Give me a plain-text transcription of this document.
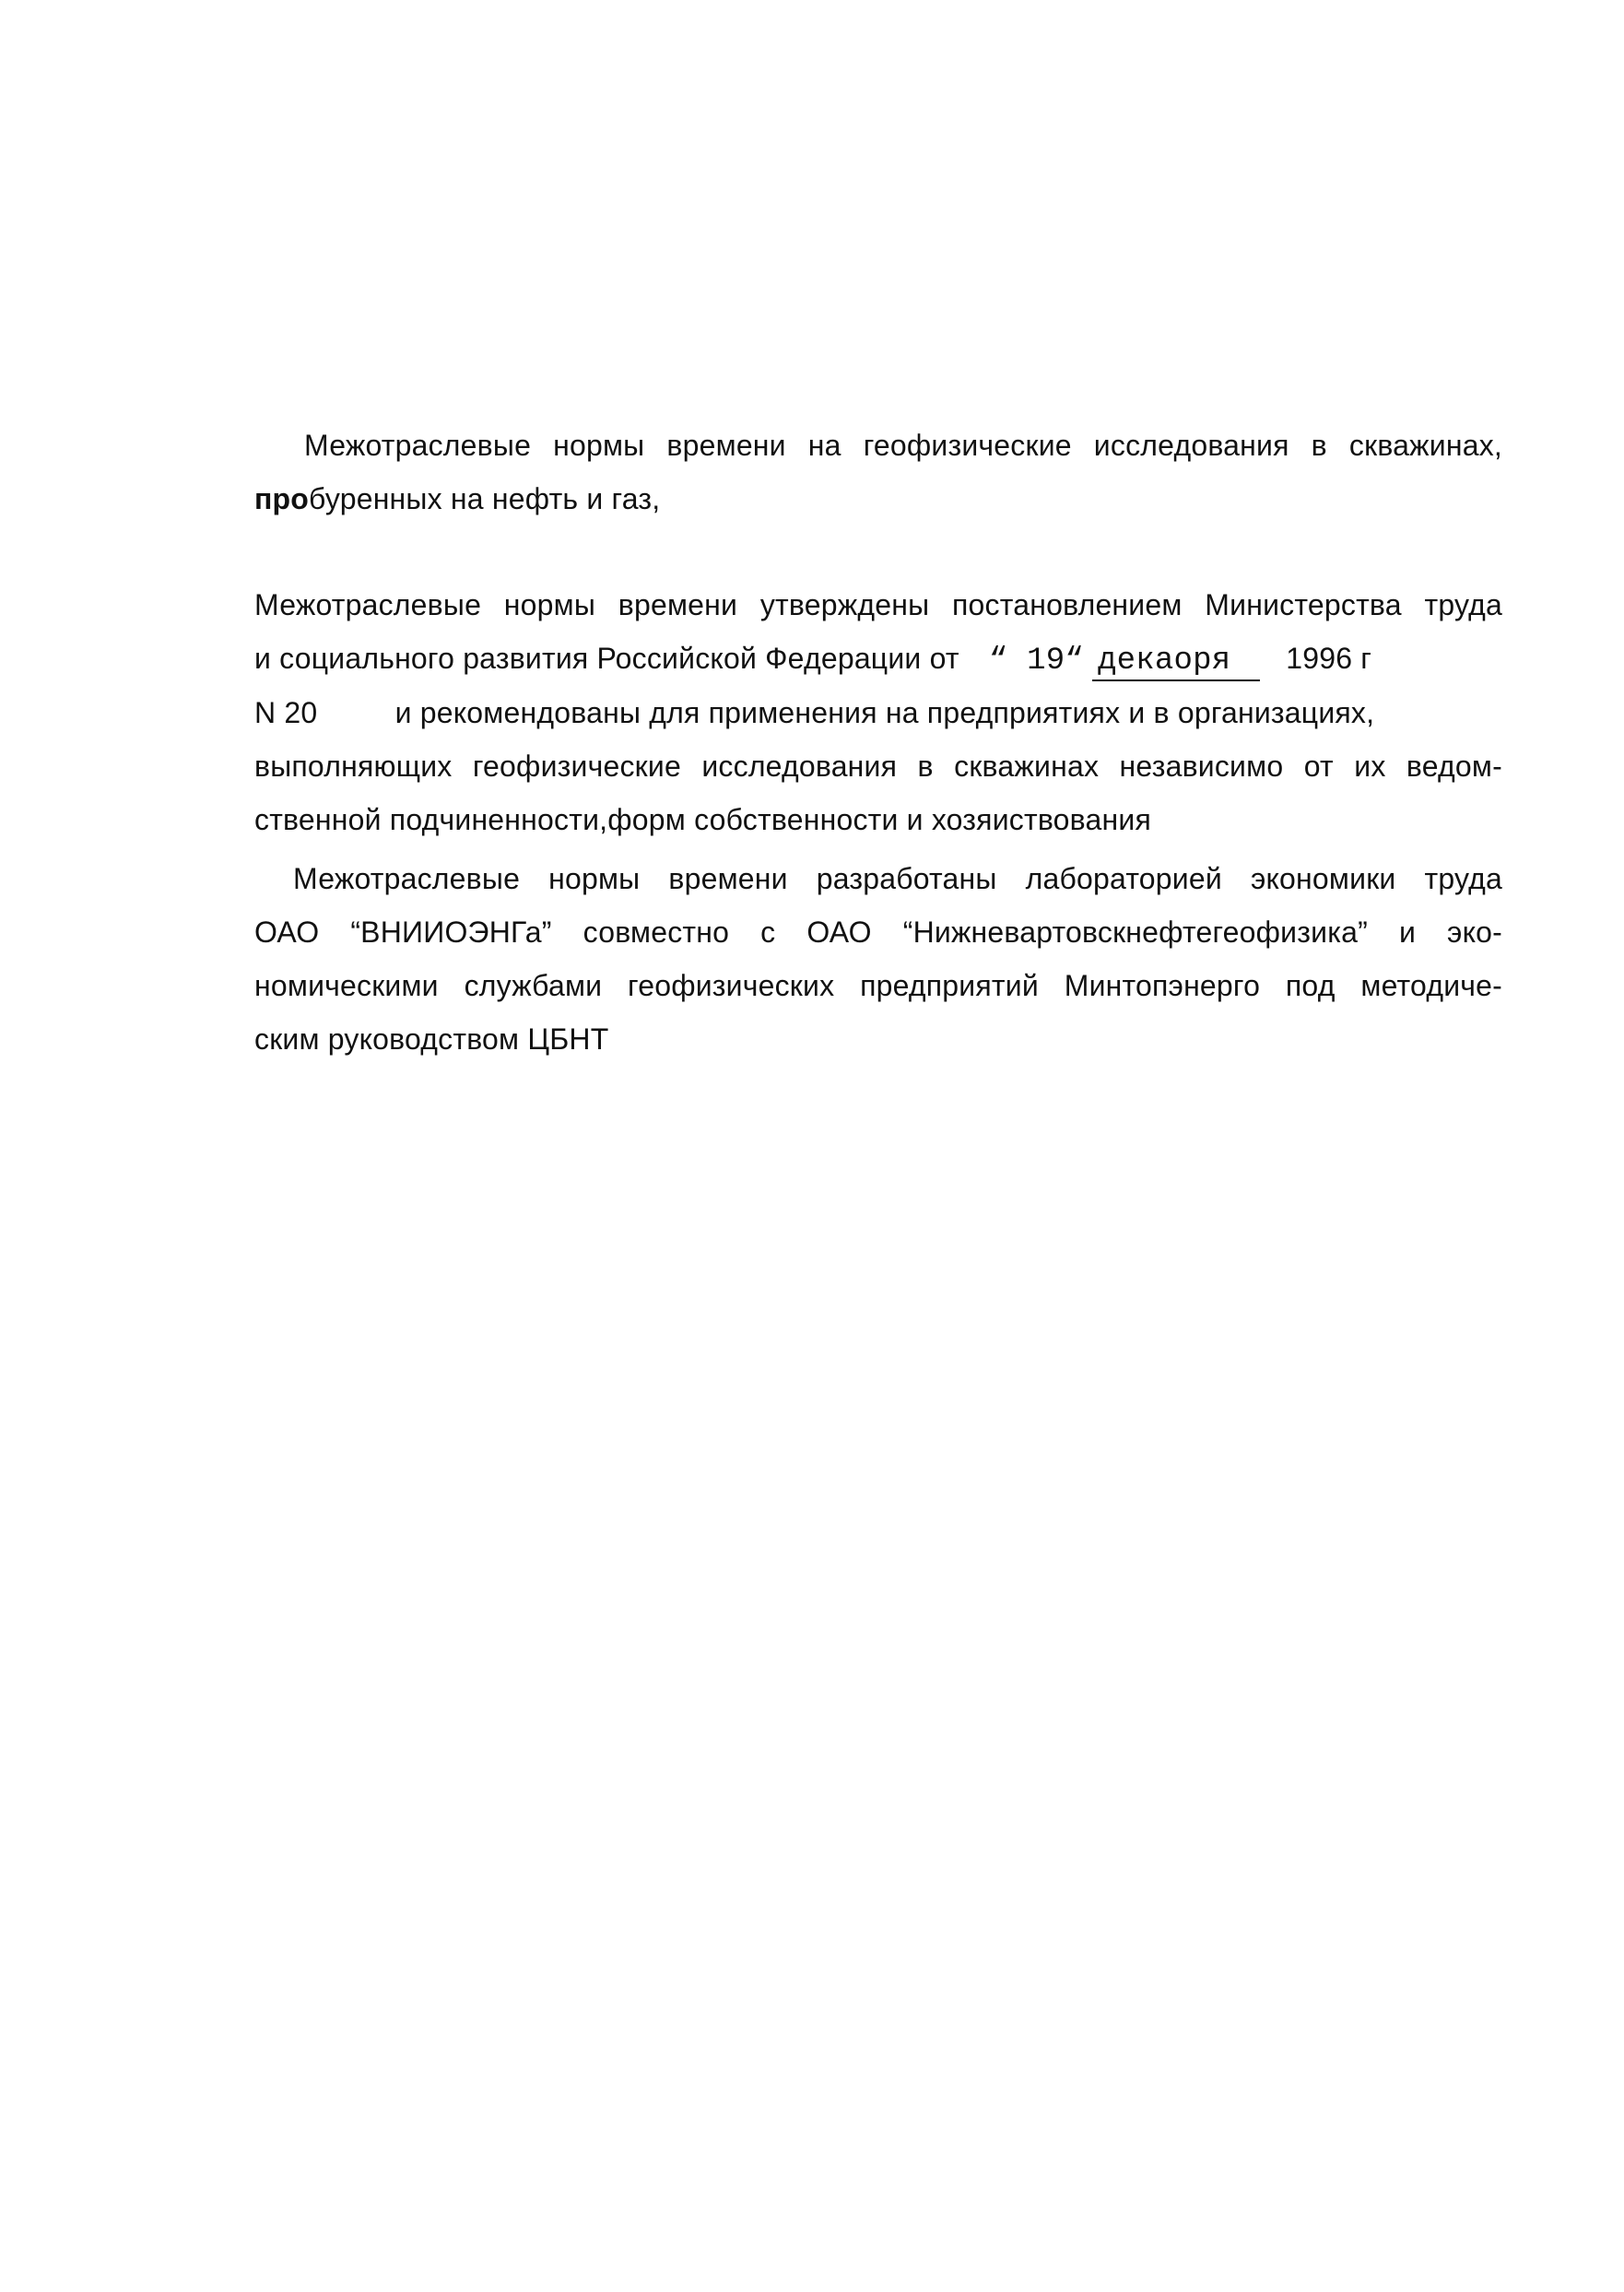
Межотраслевые нормы времени на геофизические исследования в скважинах,
пробуренных на нефть и газ,
Межотраслевые нормы времени утверждены постановлением Министерства труда
и социального развития Российской Федерации от “ 19“ декаоря 1996 г
N 20	и рекомендованы для применения на предприятиях и в организациях,
выполняющих геофизические исследования в скважинах независимо от их ведом-
ственной подчиненности,форм собственности и хозяиствования
Межотраслевые нормы времени разработаны лабораторией экономики труда
ОАО “ВНИИОЭНГа” совместно с ОАО “Нижневартовскнефтегеофизика” и эко-
номическими службами геофизических предприятий Минтопэнерго под методиче-
ским руководством ЦБНТ
